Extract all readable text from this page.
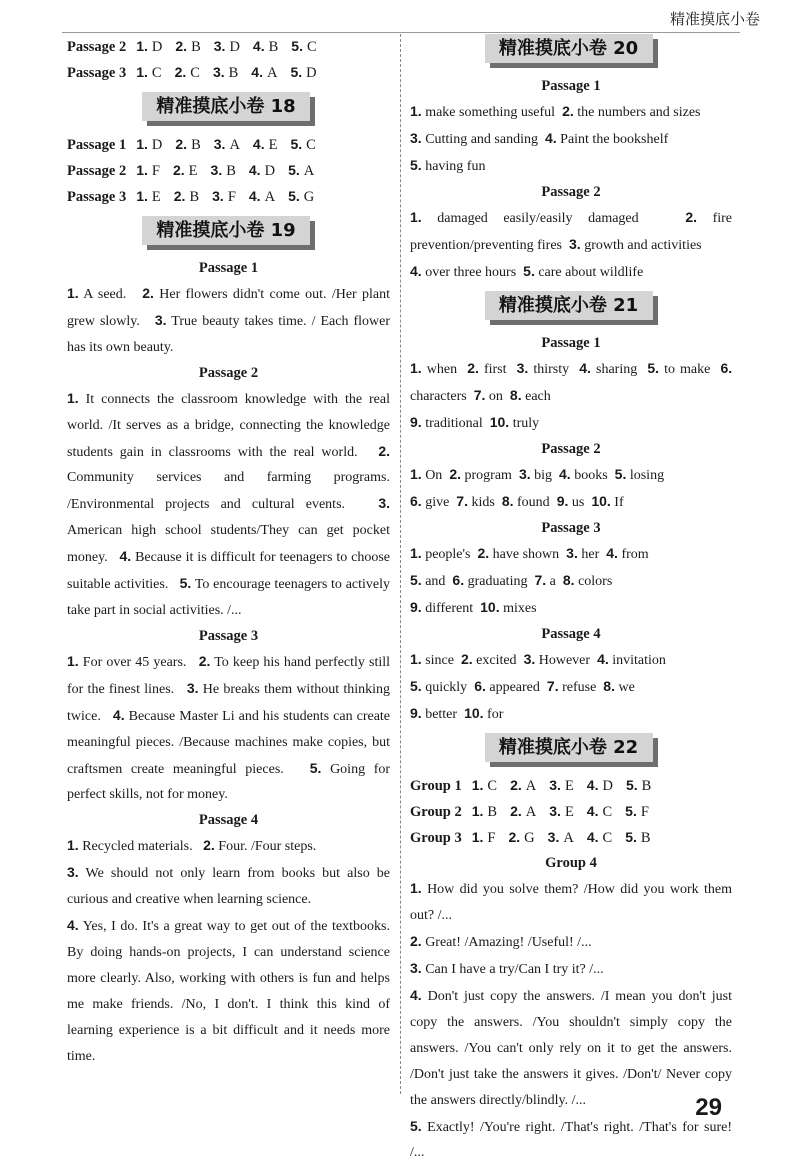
精准摸底小卷
Passage 2 1. D 2. B 3. D 4. B 5. C
Passage 3 1. C 2. C 3. B 4. A 5. D
精准摸底小卷 18
Passage 1 1. D 2. B 3. A 4. E 5. C
Passage 2 1. F 2. E 3. B 4. D 5. A
Passage 3 1. E 2. B 3. F 4. A 5. G
精准摸底小卷 19
Passage 1
1. A seed. 2. Her flowers didn't come out. /Her plant grew slowly. 3. True beauty takes time. / Each flower has its own beauty.
Passage 2
1. It connects the classroom knowledge with the real world. /It serves as a bridge, connecting the knowledge students gain in classrooms with the real world. 2. Community services and farming programs. /Environmental projects and cultural events. 3. American high school students/They can get pocket money. 4. Because it is difficult for teenagers to choose suitable activities. 5. To encourage teenagers to actively take part in social activities. /...
Passage 3
1. For over 45 years. 2. To keep his hand perfectly still for the finest lines. 3. He breaks them without thinking twice. 4. Because Master Li and his students can create meaningful pieces. /Because machines make copies, but craftsmen create meaningful pieces. 5. Going for perfect skills, not for money.
Passage 4
1. Recycled materials. 2. Four. /Four steps.
3. We should not only learn from books but also be curious and creative when learning science.
4. Yes, I do. It's a great way to get out of the textbooks. By doing hands-on projects, I can understand science more clearly. Also, working with others is fun and helps me make friends. /No, I don't. I think this kind of learning experience is a bit difficult and it needs more time.
精准摸底小卷 20
Passage 1
1. make something useful 2. the numbers and sizes
3. Cutting and sanding 4. Paint the bookshelf
5. having fun
Passage 2
1. damaged easily/easily damaged	2. fire prevention/preventing fires 3. growth and activities
4. over three hours 5. care about wildlife
精准摸底小卷 21
Passage 1
1. when 2. first 3. thirsty 4. sharing 5. to make 6. characters 7. on 8. each
9. traditional 10. truly
Passage 2
1. On 2. program 3. big 4. books 5. losing
6. give 7. kids 8. found 9. us 10. If
Passage 3
1. people's 2. have shown 3. her 4. from
5. and 6. graduating 7. a 8. colors
9. different 10. mixes
Passage 4
1. since 2. excited 3. However 4. invitation
5. quickly 6. appeared 7. refuse 8. we
9. better 10. for
精准摸底小卷 22
Group 1 1. C 2. A 3. E 4. D 5. B
Group 2 1. B 2. A 3. E 4. C 5. F
Group 3 1. F 2. G 3. A 4. C 5. B
Group 4
1. How did you solve them? /How did you work them out? /...
2. Great! /Amazing! /Useful! /...
3. Can I have a try/Can I try it? /...
4. Don't just copy the answers. /I mean you don't just copy the answers. /You shouldn't simply copy the answers. /You can't only rely on it to get the answers. /Don't just take the answers it gives. /Don't/ Never copy the answers directly/blindly. /...
5. Exactly! /You're right. /That's right. /That's for sure! /...
29
